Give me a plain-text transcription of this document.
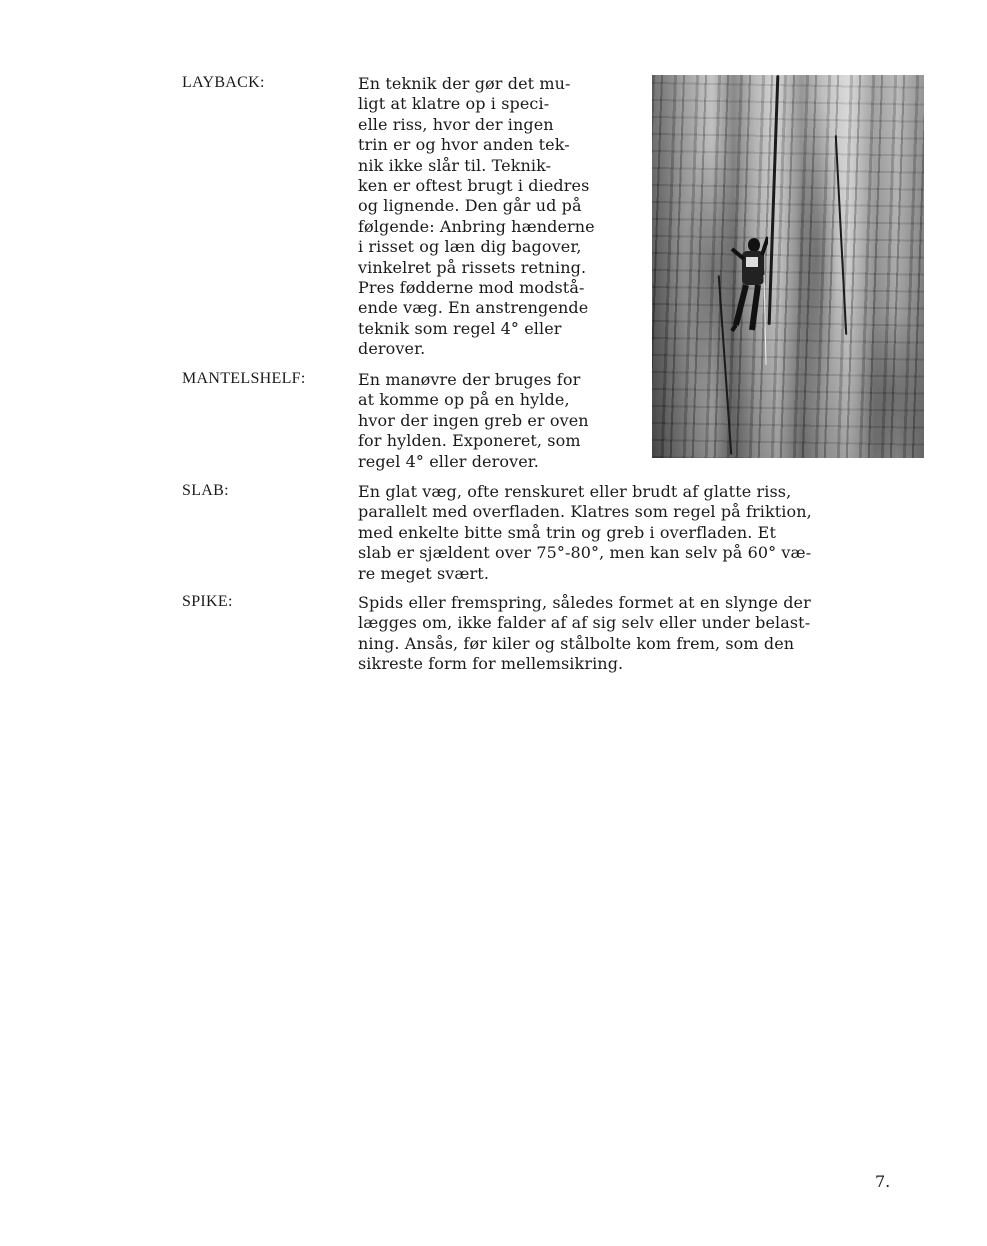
LAYBACK:	En teknik der gør det mu-

ligt at klatre op i speci-

elle riss, hvor der ingen

trin er og hvor anden tek-

nik ikke slår til. Teknik-

ken er oftest brugt i diedres

og lignende. Den går ud på

følgende: Anbring hænderne

i risset og læn dig bagover,

vinkelret på rissets retning.

Pres fødderne mod modstå-

ende væg. En anstrengende

teknik som regel 4° eller

derover.

MANTELSHELF:	En manøvre der bruges for

at komme op på en hylde,

hvor der ingen greb er oven

for hylden. Exponeret, som

regel 4° eller derover.

SLAB:	En glat væg, ofte renskuret eller brudt af glatte riss,

parallelt med overfladen. Klatres som regel på friktion,

med enkelte bitte små trin og greb i overfladen. Et

slab er sjældent over 75°-80°, men kan selv på 60° væ-

re meget svært.

SPIKE:	Spids eller fremspring, således formet at en slynge der

lægges om, ikke falder af af sig selv eller under belast-

ning. Ansås, før kiler og stålbolte kom frem, som den

sikreste form for mellemsikring.

7.
